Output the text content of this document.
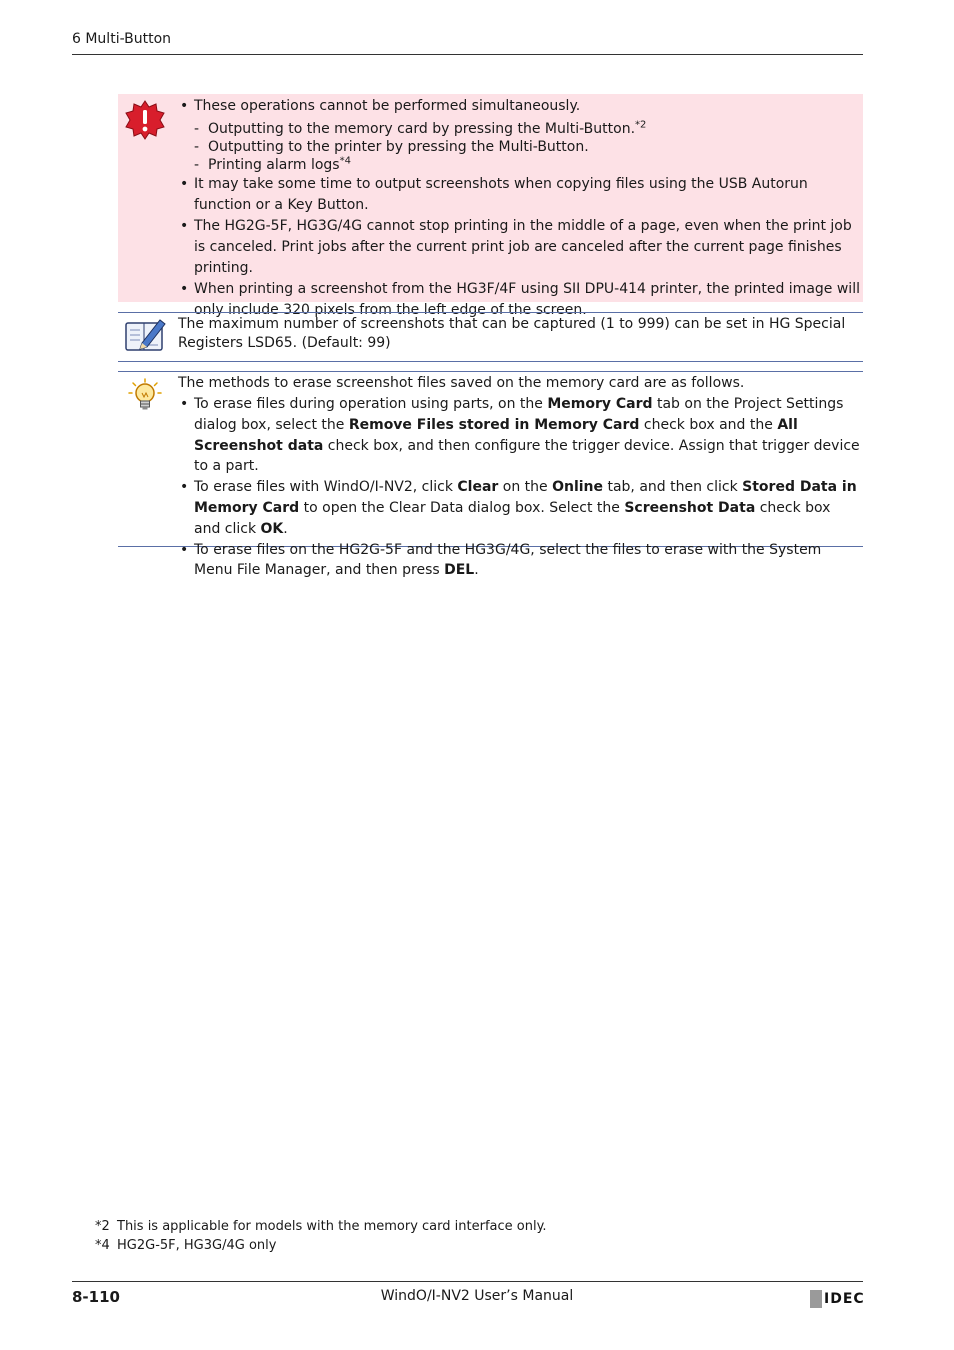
6 Multi-Button
• These operations cannot be performed simultaneously.
- Outputting to the memory card by pressing the Multi-Button.$^{*2}$
- Outputting to the printer by pressing the Multi-Button.
- Printing alarm logs$^{*4}$
• It may take some time to output screenshots when copying files using the USB Autorun function or a Key Button.
• The HG2G-5F, HG3G/4G cannot stop printing in the middle of a page, even when the print job is canceled. Print jobs after the current print job are canceled after the current page finishes printing.
• When printing a screenshot from the HG3F/4F using SII DPU-414 printer, the printed image will only include 320 pixels from the left edge of the screen.
The maximum number of screenshots that can be captured (1 to 999) can be set in HG Special Registers LSD65. (Default: 99)
The methods to erase screenshot files saved on the memory card are as follows.
• To erase files during operation using parts, on the Memory Card tab on the Project Settings dialog box, select the Remove Files stored in Memory Card check box and the All Screenshot data check box, and then configure the trigger device. Assign that trigger device to a part.
• To erase files with WindO/I-NV2, click Clear on the Online tab, and then click Stored Data in Memory Card to open the Clear Data dialog box. Select the Screenshot Data check box and click OK.
• To erase files on the HG2G-5F and the HG3G/4G, select the files to erase with the System Menu File Manager, and then press DEL.
*2 This is applicable for models with the memory card interface only.
*4 HG2G-5F, HG3G/4G only
8-110	WindO/I-NV2 User’s Manual	IDEC
